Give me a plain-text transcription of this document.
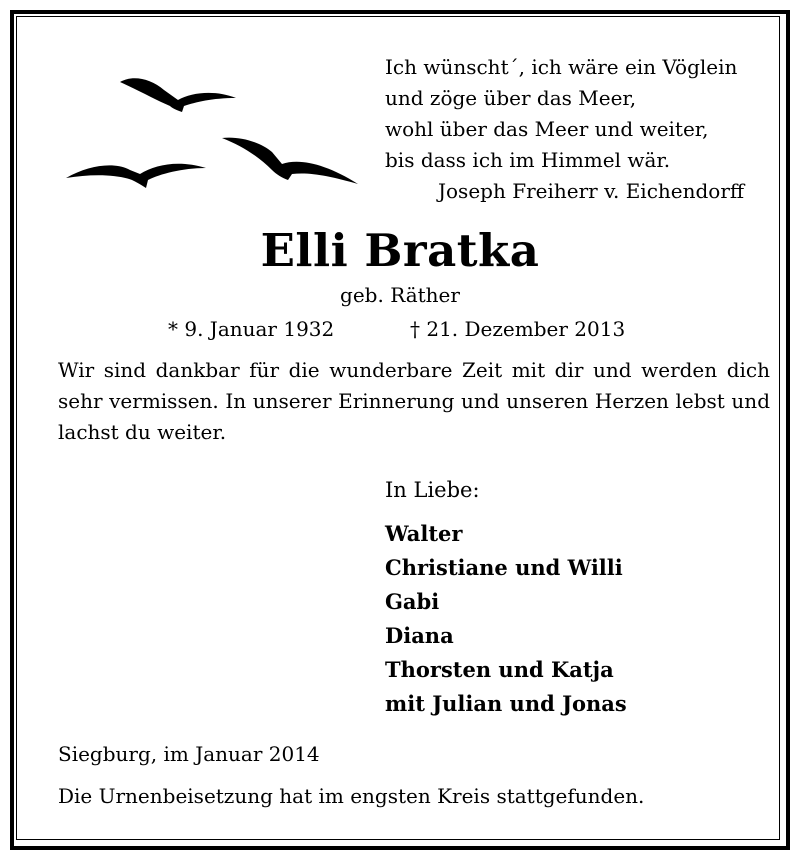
Ich wünscht´, ich wäre ein Vöglein
und zöge über das Meer,
wohl über das Meer und weiter,
bis dass ich im Himmel wär.
Joseph Freiherr v. Eichendorff
Elli Bratka
geb. Räther
* 9. Januar 1932	† 21. Dezember 2013
Wir sind dankbar für die wunderbare Zeit mit dir und werden dich sehr vermissen. In unserer Erinnerung und unseren Herzen lebst und lachst du weiter.
In Liebe:
Walter
Christiane und Willi
Gabi
Diana
Thorsten und Katja
mit Julian und Jonas
Siegburg, im Januar 2014
Die Urnenbeisetzung hat im engsten Kreis stattgefunden.
